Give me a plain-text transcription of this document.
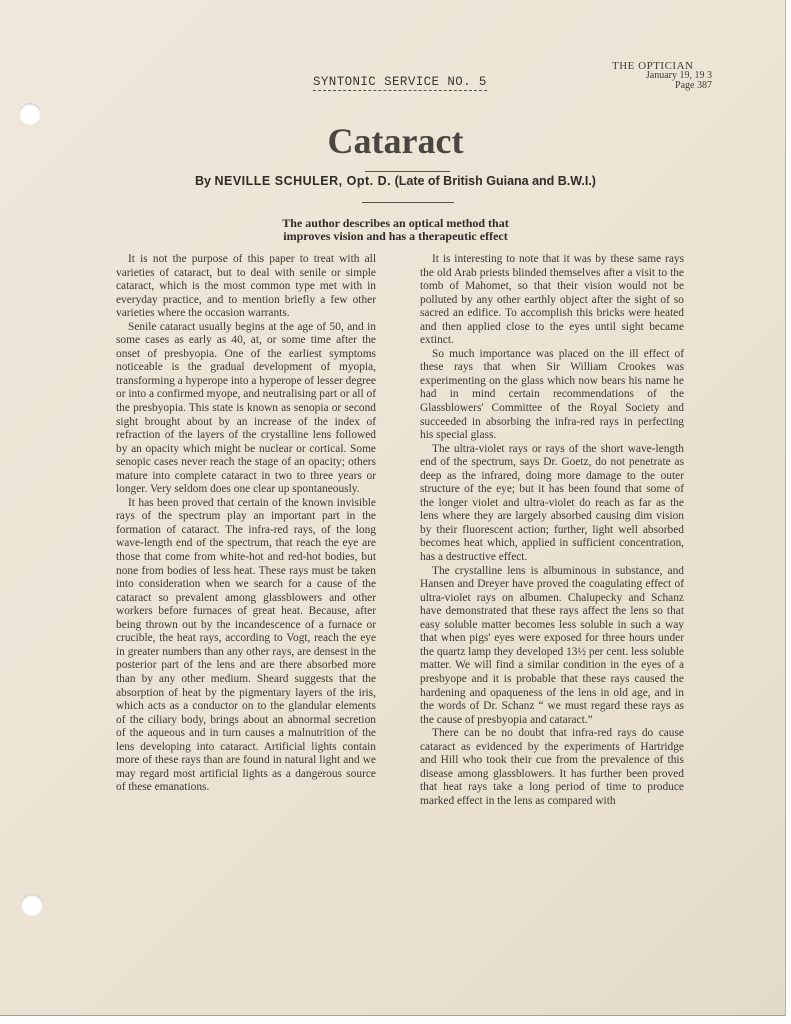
SYNTONIC SERVICE NO. 5
THE OPTICIAN
January 19, 19 3
Page 387
Cataract
By NEVILLE SCHULER, Opt. D. (Late of British Guiana and B.W.I.)
The author describes an optical method that
improves vision and has a therapeutic effect

It is not the purpose of this paper to treat with all varieties of cataract, but to deal with senile or simple cataract, which is the most common type met with in everyday practice, and to mention briefly a few other varieties where the occasion warrants.

Senile cataract usually begins at the age of 50, and in some cases as early as 40, at, or some time after the onset of presbyopia. One of the earliest symptoms noticeable is the gradual development of myopia, transforming a hyperope into a hyperope of lesser degree or into a confirmed myope, and neutralising part or all of the presbyopia. This state is known as senopia or second sight brought about by an increase of the index of refraction of the layers of the crystalline lens followed by an opacity which might be nuclear or cortical. Some senopic cases never reach the stage of an opacity; others mature into complete cataract in two to three years or longer. Very seldom does one clear up spontaneously.

It has been proved that certain of the known invisible rays of the spectrum play an important part in the formation of cataract. The infra-red rays, of the long wave-length end of the spectrum, that reach the eye are those that come from white-hot and red-hot bodies, but none from bodies of less heat. These rays must be taken into consideration when we search for a cause of the cataract so prevalent among glassblowers and other workers before furnaces of great heat. Because, after being thrown out by the incandescence of a furnace or crucible, the heat rays, according to Vogt, reach the eye in greater numbers than any other rays, are densest in the posterior part of the lens and are there absorbed more than by any other medium. Sheard suggests that the absorption of heat by the pigmentary layers of the iris, which acts as a conductor on to the glandular elements of the ciliary body, brings about an abnormal secretion of the aqueous and in turn causes a malnutrition of the lens developing into cataract. Artificial lights contain more of these rays than are found in natural light and we may regard most artificial lights as a dangerous source of these emanations.

It is interesting to note that it was by these same rays the old Arab priests blinded themselves after a visit to the tomb of Mahomet, so that their vision would not be polluted by any other earthly object after the sight of so sacred an edifice. To accomplish this bricks were heated and then applied close to the eyes until sight became extinct.

So much importance was placed on the ill effect of these rays that when Sir William Crookes was experimenting on the glass which now bears his name he had in mind certain recommendations of the Glassblowers' Committee of the Royal Society and succeeded in absorbing the infra-red rays in perfecting his special glass.

The ultra-violet rays or rays of the short wave-length end of the spectrum, says Dr. Goetz, do not penetrate as deep as the infrared, doing more damage to the outer structure of the eye; but it has been found that some of the longer violet and ultra-violet do reach as far as the lens where they are largely absorbed causing dim vision by their fluorescent action; further, light well absorbed becomes heat which, applied in sufficient concentration, has a destructive effect.

The crystalline lens is albuminous in substance, and Hansen and Dreyer have proved the coagulating effect of ultra-violet rays on albumen. Chalupecky and Schanz have demonstrated that these rays affect the lens so that easy soluble matter becomes less soluble in such a way that when pigs' eyes were exposed for three hours under the quartz lamp they developed 13½ per cent. less soluble matter. We will find a similar condition in the eyes of a presbyope and it is probable that these rays caused the hardening and opaqueness of the lens in old age, and in the words of Dr. Schanz “ we must regard these rays as the cause of presbyopia and cataract.”

There can be no doubt that infra-red rays do cause cataract as evidenced by the experiments of Hartridge and Hill who took their cue from the prevalence of this disease among glassblowers. It has further been proved that heat rays take a long period of time to produce marked effect in the lens as compared with
